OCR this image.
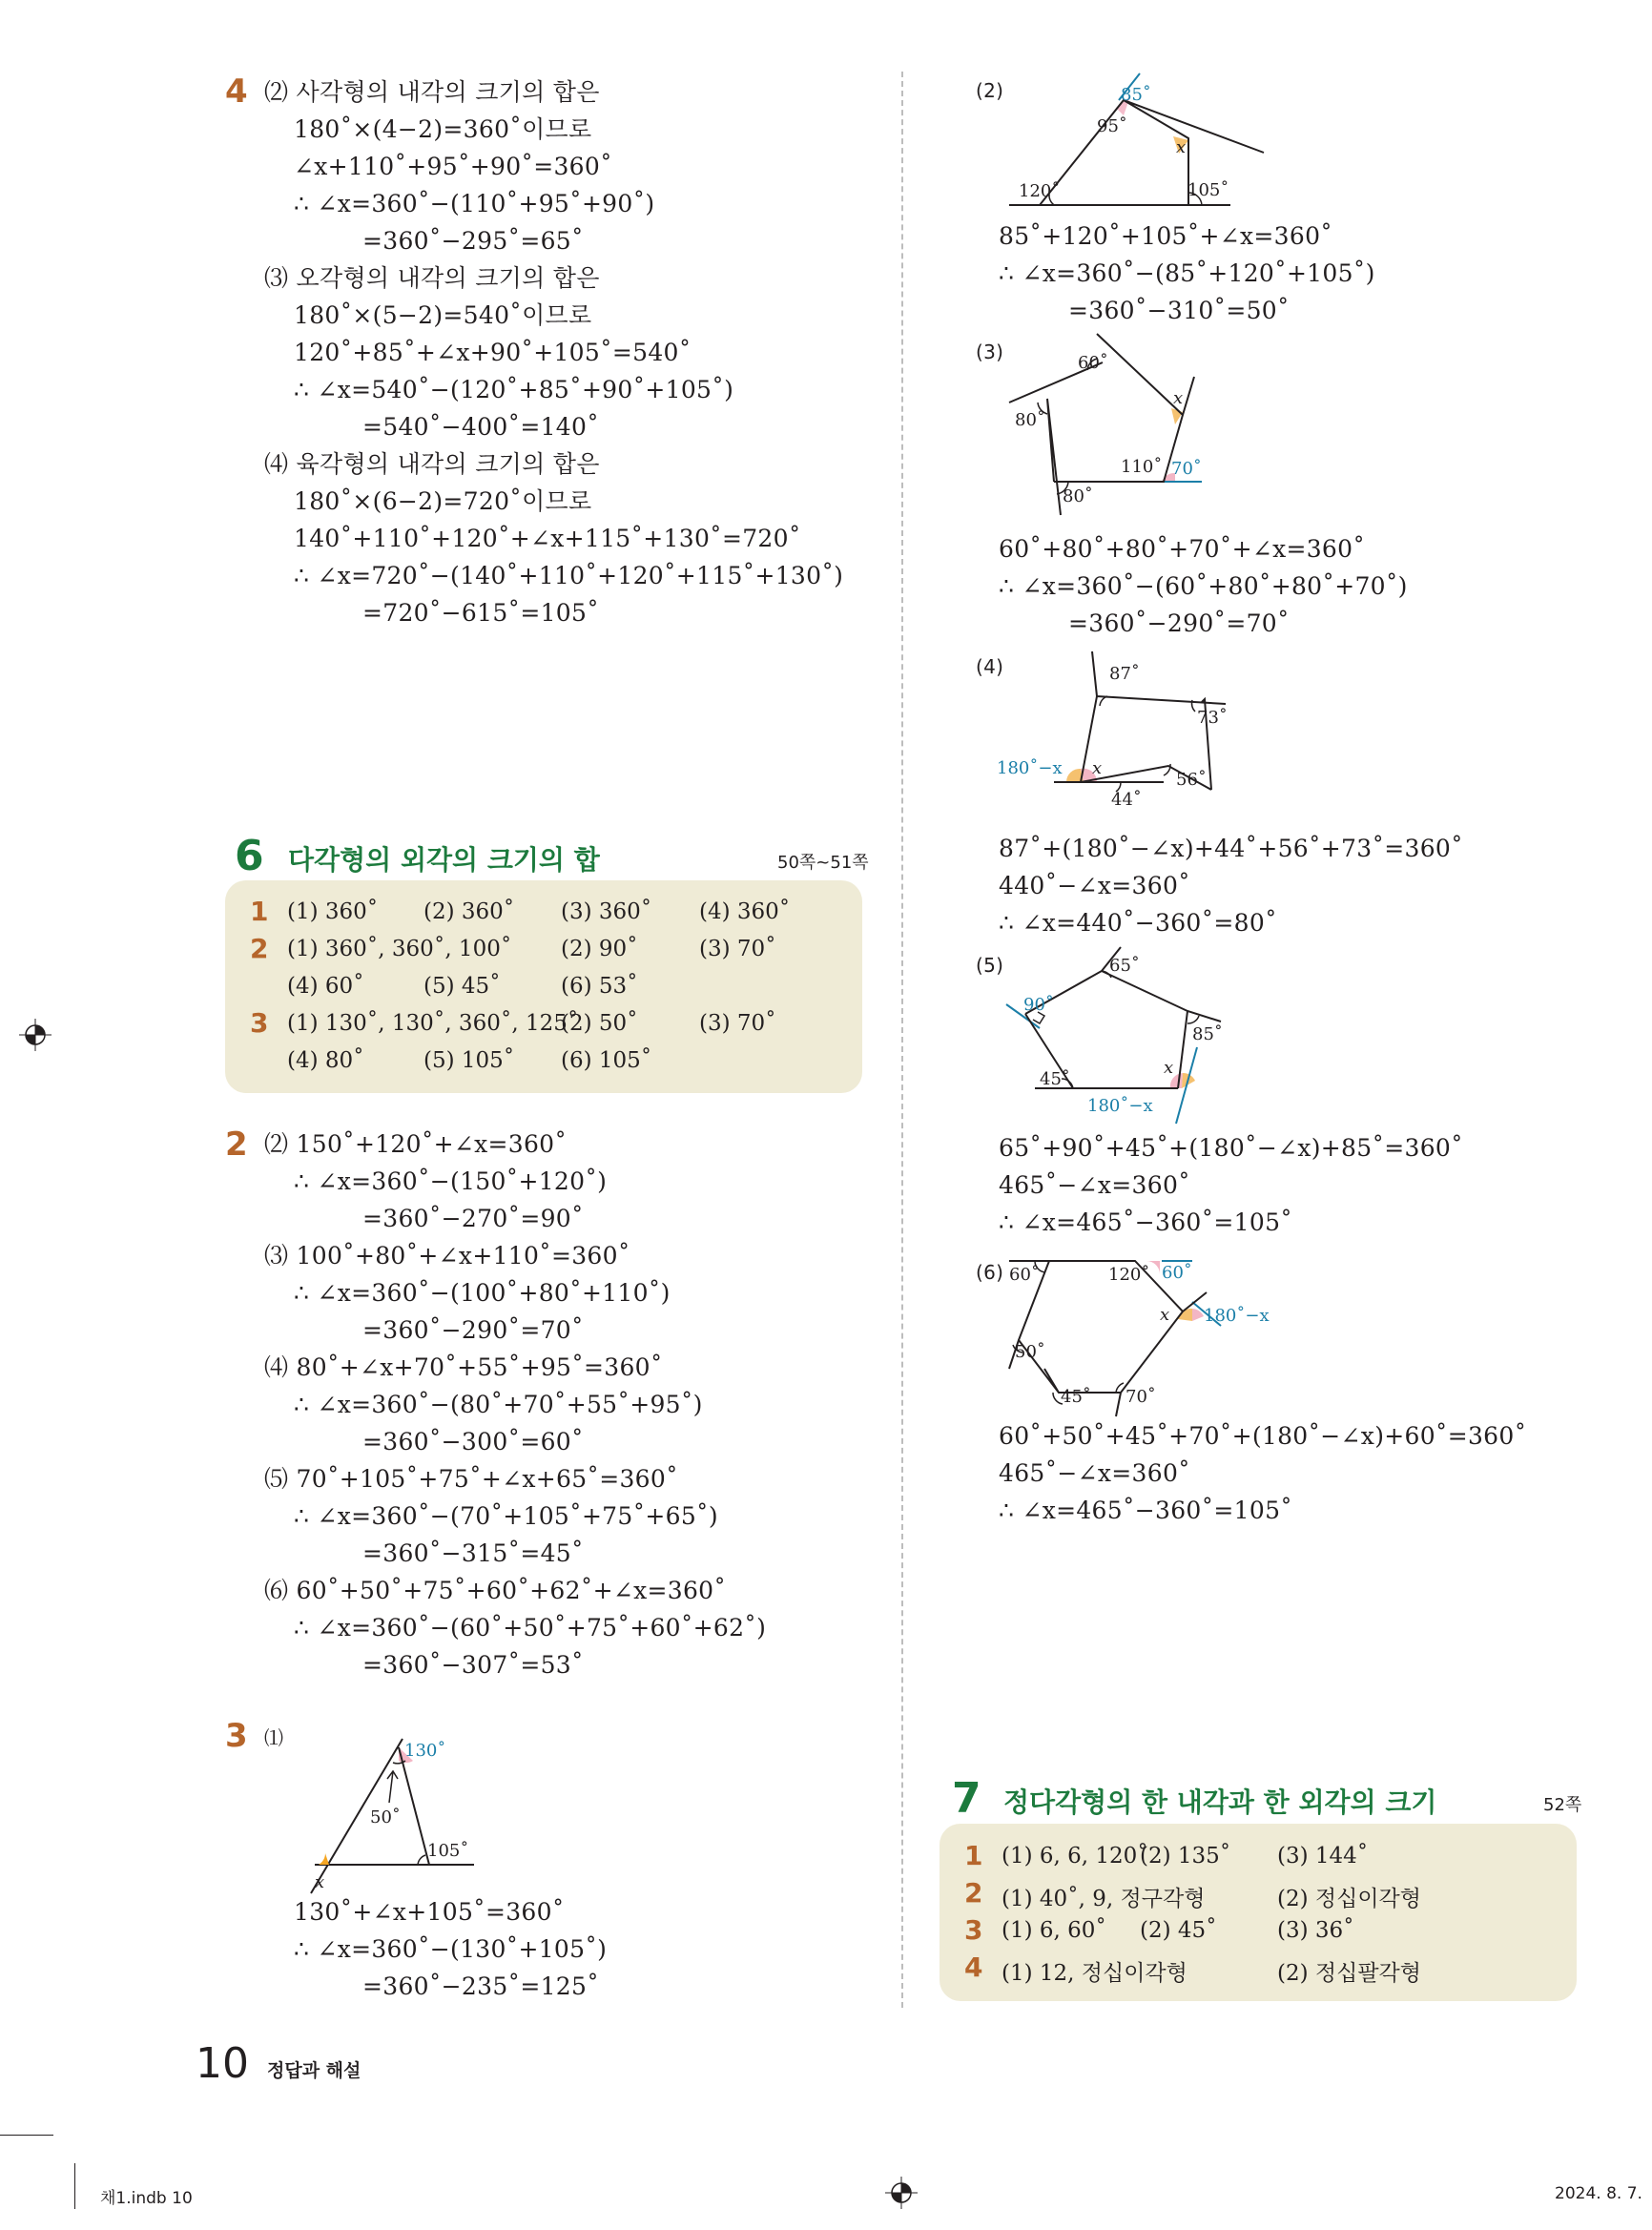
4 ⑵ 사각형의 내각의 크기의 합은
180˚×(4−2)=360˚이므로
∠x+110˚+95˚+90˚=360˚
∴ ∠x=360˚−(110˚+95˚+90˚)
=360˚−295˚=65˚
⑶ 오각형의 내각의 크기의 합은
180˚×(5−2)=540˚이므로
120˚+85˚+∠x+90˚+105˚=540˚
∴ ∠x=540˚−(120˚+85˚+90˚+105˚)
=540˚−400˚=140˚
⑷ 육각형의 내각의 크기의 합은
180˚×(6−2)=720˚이므로
140˚+110˚+120˚+∠x+115˚+130˚=720˚
∴ ∠x=720˚−(140˚+110˚+120˚+115˚+130˚)
=720˚−615˚=105˚
6 다각형의 외각의 크기의 합	50쪽~51쪽
1 (1) 360˚ (2) 360˚ (3) 360˚ (4) 360˚
2 (1) 360˚, 360˚, 100˚ (2) 90˚	(3) 70˚
(4) 60˚	(5) 45˚	(6) 53˚
3 (1) 130˚, 130˚, 360˚, 125˚
(2) 50˚	(3) 70˚
(4) 80˚	(5) 105˚ (6) 105˚
2 ⑵ 150˚+120˚+∠x=360˚
∴ ∠x=360˚−(150˚+120˚)
=360˚−270˚=90˚
⑶ 100˚+80˚+∠x+110˚=360˚
∴ ∠x=360˚−(100˚+80˚+110˚)
=360˚−290˚=70˚
⑷ 80˚+∠x+70˚+55˚+95˚=360˚
∴ ∠x=360˚−(80˚+70˚+55˚+95˚)
=360˚−300˚=60˚
⑸ 70˚+105˚+75˚+∠x+65˚=360˚
∴ ∠x=360˚−(70˚+105˚+75˚+65˚)
=360˚−315˚=45˚
⑹ 60˚+50˚+75˚+60˚+62˚+∠x=360˚
∴ ∠x=360˚−(60˚+50˚+75˚+60˚+62˚)
=360˚−307˚=53˚
3 ⑴
130˚
50˚
105˚
x
130˚+∠x+105˚=360˚
∴ ∠x=360˚−(130˚+105˚)
=360˚−235˚=125˚
(2)	85˚
95˚
x
120˚	105˚
85˚+120˚+105˚+∠x=360˚
∴ ∠x=360˚−(85˚+120˚+105˚)
=360˚−310˚=50˚
(3)	60˚
x
80˚
110˚ 70˚
80˚
60˚+80˚+80˚+70˚+∠x=360˚
∴ ∠x=360˚−(60˚+80˚+80˚+70˚)
=360˚−290˚=70˚
(4)	87˚
73˚
180˚−x x
56˚
44˚
87˚+(180˚−∠x)+44˚+56˚+73˚=360˚
440˚−∠x=360˚
∴ ∠x=440˚−360˚=80˚
(5)	65˚
90˚
85˚
x
45˚
180˚−x
65˚+90˚+45˚+(180˚−∠x)+85˚=360˚
465˚−∠x=360˚
∴ ∠x=465˚−360˚=105˚
(6) 60˚	120˚ 60˚
x 180˚−x
50˚
45˚ 70˚
60˚+50˚+45˚+70˚+(180˚−∠x)+60˚=360˚
465˚−∠x=360˚
∴ ∠x=465˚−360˚=105˚
7 정다각형의 한 내각과 한 외각의 크기	52쪽
1 (1) 6, 6, 120˚
(2) 135˚ (3) 144˚
2 (1) 40˚, 9, 정구각형	(2) 정십이각형
3 (1) 6, 60˚ (2) 45˚	(3) 36˚
4 (1) 12, 정십이각형	(2) 정십팔각형
10 정답과 해설
채1.indb 10	2024. 8. 7.
